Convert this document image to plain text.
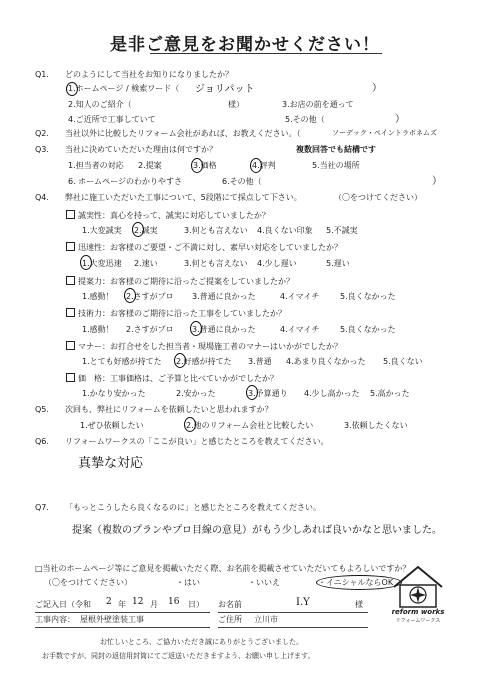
是非ご意見をお聞かせください！
Q1. どのようにして当社をお知りになりましたか？
1.ホームページ / 検索ワード（ ジョリパット	）
2.知人のご紹介（	様）	3.お店の前を通って
4.ご近所で工事していて	5.その他（	）
Q2. 当社以外に比較したリフォーム会社があれば、お教えください。（	ソーデック・ペイントラボネムズ
Q3. 当社に決めていただいた理由は何ですか？	複数回答でも結構です
1.担当者の対応 2.提案	3.価格	4.評判	5.当社の場所
6. ホームページのわかりやすさ	6.その他（	）
Q4. 弊社に施工いただいた工事について、5段階にて採点して下さい。	（〇をつけてください）
誠実性：真心を持って、誠実に対応していましたか？
1.大変誠実 2.誠実	3.何とも言えない 4.良くない印象 5.不誠実
迅速性：お客様のご要望・ご不満に対し、素早い対応をしていましたか？
1.大変迅速 2.速い	3.何とも言えない 4.少し遅い	5.遅い
提案力：お客様のご期待に沿ったご提案をしていましたか？
1.感動！ 2.さすがプロ 3.普通に良かった	4.イマイチ	5.良くなかった
技術力：お客様のご期待に沿った工事をしていましたか？
1.感動！ 2.さすがプロ 3.普通に良かった	4.イマイチ	5.良くなかった
マナー：お打合せをした担当者・現場施工者のマナーはいかがでしたか？
1.とても好感が持てた 2.好感が持てた 3.普通 4.あまり良くなかった 5.良くない
価　格：工事価格は、ご予算と比べていかがでしたか？
1.かなり安かった	2.安かった	3.予算通り 4.少し高かった 5.高かった
Q5. 次回も、弊社にリフォームを依頼したいと思われますか？
1.ぜひ依頼したい	2.他のリフォーム会社と比較したい	3.依頼したくない
Q6. リフォームワークスの「ここが良い」と感じたところを教えてください。
真摯な対応
Q7. 「もっとこうしたら良くなるのに」と感じたところを教えてください。
提案（複数のプランやプロ目線の意見）がもう少しあれば良いかなと思いました。
□当社のホームページ等にご意見を掲載いただく際、お名前を掲載させていただいてもよろしいですか？
（〇をつけてください）	・はい	・いいえ	・イニシャルならOK
ご記入日（令和 2 年 12 月 16 日） お名前	I.Y	様
工事内容： 屋根外壁塗装工事	ご住所 立川市
お忙しいところ、ご協力いただき誠にありがとうございました。
お手数ですが、同封の返信用封筒にてご返送いただきますよう、お願い申し上げます。
reform works
リフォームワークス
